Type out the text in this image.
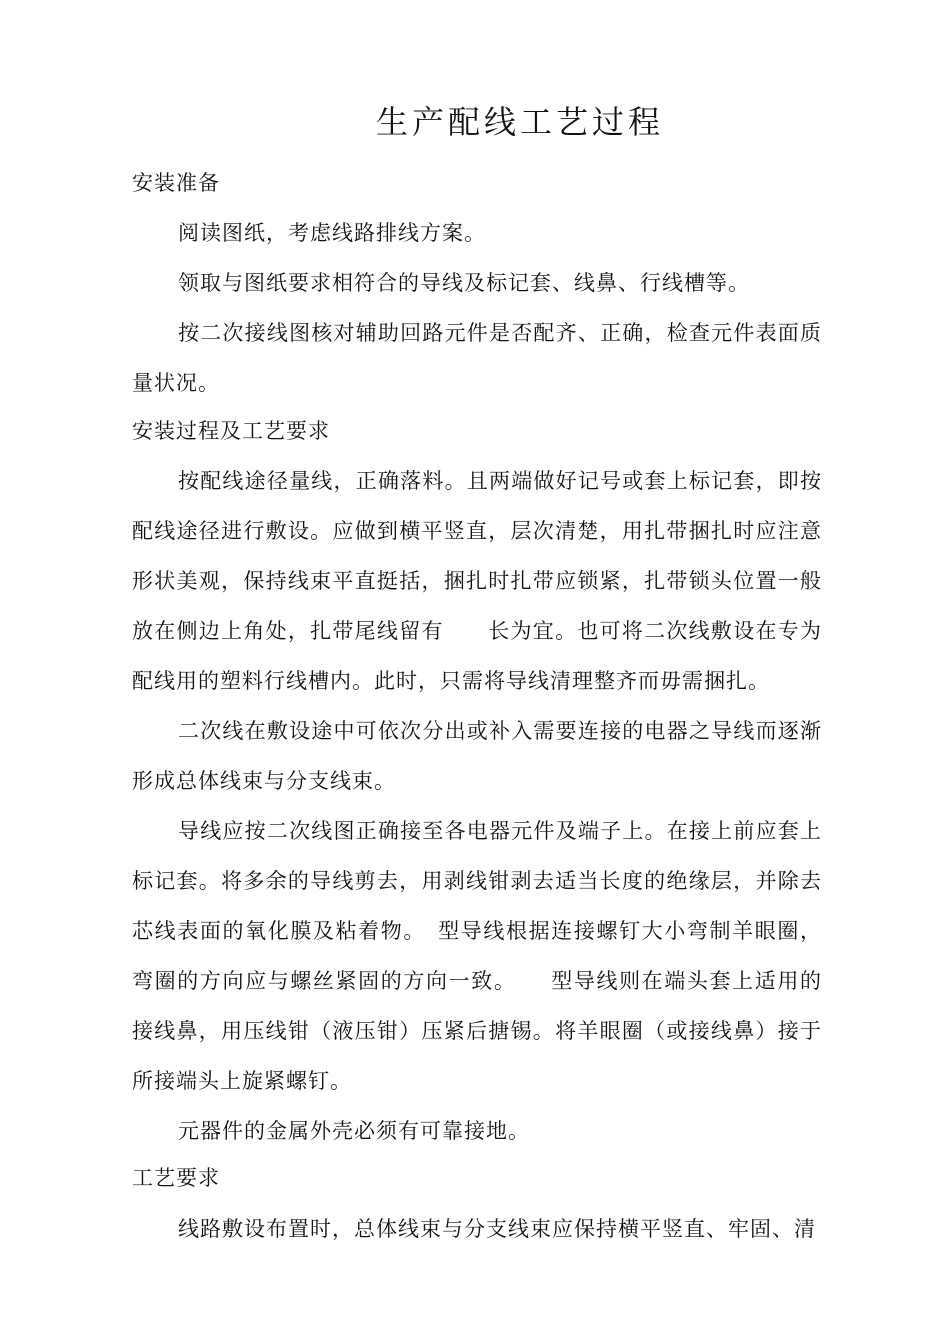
生产配线工艺过程
安装准备

阅读图纸，考虑线路排线方案。

领取与图纸要求相符合的导线及标记套、线鼻、行线槽等。

按二次接线图核对辅助回路元件是否配齐、正确，检查元件表面质量状况。

安装过程及工艺要求

按配线途径量线，正确落料。且两端做好记号或套上标记套，即按配线途径进行敷设。应做到横平竖直，层次清楚，用扎带捆扎时应注意形状美观，保持线束平直挺括，捆扎时扎带应锁紧，扎带锁头位置一般放在侧边上角处，扎带尾线留有　　长为宜。也可将二次线敷设在专为配线用的塑料行线槽内。此时，只需将导线清理整齐而毋需捆扎。

二次线在敷设途中可依次分出或补入需要连接的电器之导线而逐渐形成总体线束与分支线束。

导线应按二次线图正确接至各电器元件及端子上。在接上前应套上标记套。将多余的导线剪去，用剥线钳剥去适当长度的绝缘层，并除去芯线表面的氧化膜及粘着物。　型导线根据连接螺钉大小弯制羊眼圈，弯圈的方向应与螺丝紧固的方向一致。　　型导线则在端头套上适用的接线鼻，用压线钳（液压钳）压紧后搪锡。将羊眼圈（或接线鼻）接于所接端头上旋紧螺钉。

元器件的金属外壳必须有可靠接地。

工艺要求

线路敷设布置时，总体线束与分支线束应保持横平竖直、牢固、清
